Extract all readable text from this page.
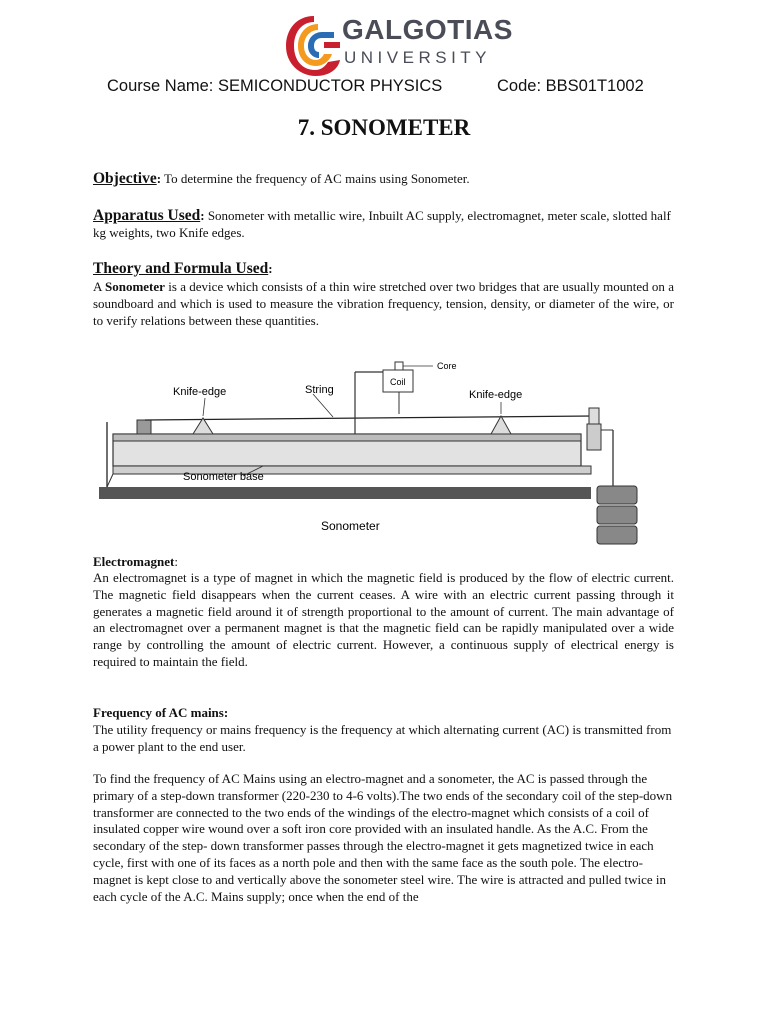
GALGOTIAS
UNIVERSITY
Course Name: SEMICONDUCTOR PHYSICS	Code: BBS01T1002
7. SONOMETER
Objective: To determine the frequency of AC mains using Sonometer.
Apparatus Used: Sonometer with metallic wire, Inbuilt AC supply, electromagnet, meter scale, slotted half kg weights, two Knife edges.
Theory and Formula Used:
A Sonometer is a device which consists of a thin wire stretched over two bridges that are usually mounted on a soundboard and which is used to measure the vibration frequency, tension, density, or diameter of the wire, or to verify relations between these quantities.
Knife-edge	Knife-edge
String
Coil
Core
Sonometer base
Sonometer
Electromagnet:
An electromagnet is a type of magnet in which the magnetic field is produced by the flow of electric current. The magnetic field disappears when the current ceases. A wire with an electric current passing through it generates a magnetic field around it of strength proportional to the amount of current. The main advantage of an electromagnet over a permanent magnet is that the magnetic field can be rapidly manipulated over a wide range by controlling the amount of electric current. However, a continuous supply of electrical energy is required to maintain the field.
Frequency of AC mains:
The utility frequency or mains frequency is the frequency at which alternating current (AC) is transmitted from a power plant to the end user.
To find the frequency of AC Mains using an electro-magnet and a sonometer, the AC is passed through the primary of a step-down transformer (220-230 to 4-6 volts).The two ends of the secondary coil of the step-down transformer are connected to the two ends of the windings of the electro-magnet which consists of a coil of insulated copper wire wound over a soft iron core provided with an insulated handle. As the A.C. From the secondary of the step- down transformer passes through the electro-magnet it gets magnetized twice in each cycle, first with one of its faces as a north pole and then with the same face as the south pole. The electro-magnet is kept close to and vertically above the sonometer steel wire. The wire is attracted and pulled twice in each cycle of the A.C. Mains supply; once when the end of the
